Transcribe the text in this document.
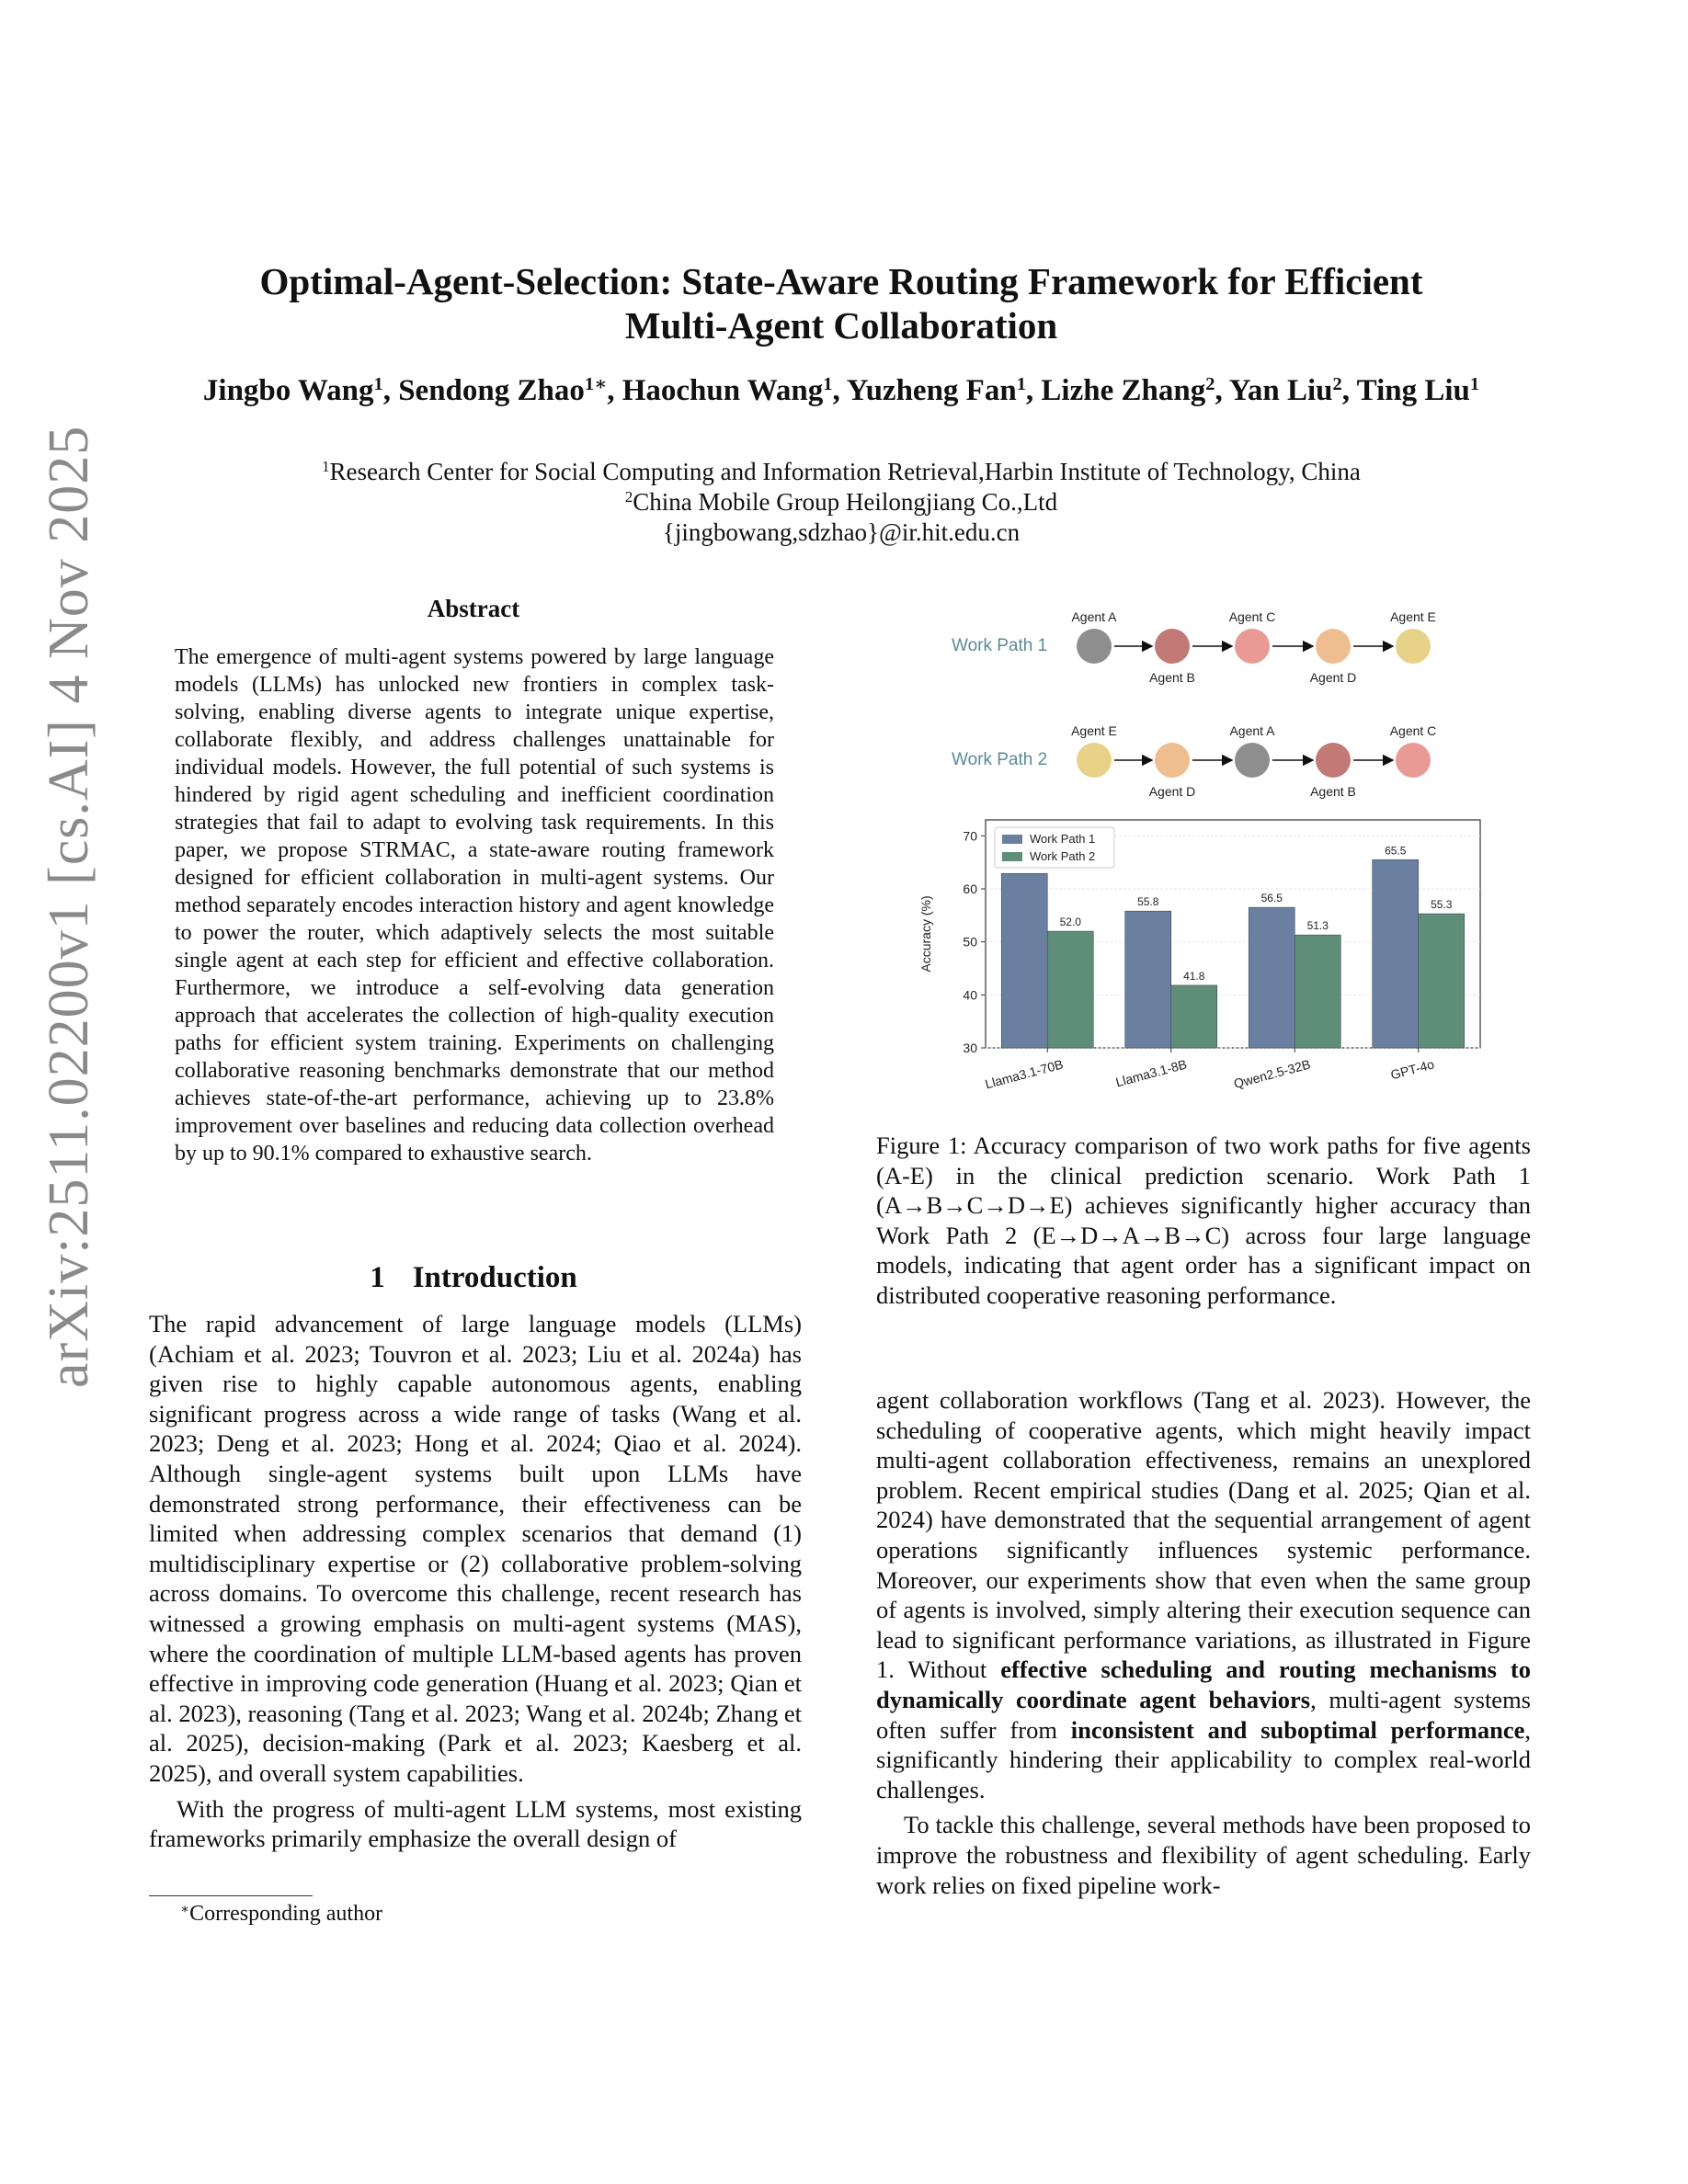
arXiv:2511.02200v1 [cs.AI] 4 Nov 2025
Optimal-Agent-Selection: State-Aware Routing Framework for Efficient
Multi-Agent Collaboration
Jingbo Wang$^1$, Sendong Zhao$^{1∗}$, Haochun Wang$^1$, Yuzheng Fan$^1$, Lizhe Zhang$^2$, Yan Liu$^2$, Ting Liu$^1$
$^1$Research Center for Social Computing and Information Retrieval,Harbin Institute of Technology, China
$^2$China Mobile Group Heilongjiang Co.,Ltd
{jingbowang,sdzhao}@ir.hit.edu.cn
Abstract
The emergence of multi-agent systems powered by large language models (LLMs) has unlocked new frontiers in complex task-solving, enabling diverse agents to integrate unique expertise, collaborate flexibly, and address challenges unattainable for individual models. However, the full potential of such systems is hindered by rigid agent scheduling and inefficient coordination strategies that fail to adapt to evolving task requirements. In this paper, we propose STRMAC, a state-aware routing framework designed for efficient collaboration in multi-agent systems. Our method separately encodes interaction history and agent knowledge to power the router, which adaptively selects the most suitable single agent at each step for efficient and effective collaboration. Furthermore, we introduce a self-evolving data generation approach that accelerates the collection of high-quality execution paths for efficient system training. Experiments on challenging collaborative reasoning benchmarks demonstrate that our method achieves state-of-the-art performance, achieving up to 23.8% improvement over baselines and reducing data collection overhead by up to 90.1% compared to exhaustive search.
1 Introduction

The rapid advancement of large language models (LLMs) (Achiam et al. 2023; Touvron et al. 2023; Liu et al. 2024a) has given rise to highly capable autonomous agents, enabling significant progress across a wide range of tasks (Wang et al. 2023; Deng et al. 2023; Hong et al. 2024; Qiao et al. 2024). Although single-agent systems built upon LLMs have demonstrated strong performance, their effectiveness can be limited when addressing complex scenarios that demand (1) multidisciplinary expertise or (2) collaborative problem-solving across domains. To overcome this challenge, recent research has witnessed a growing emphasis on multi-agent systems (MAS), where the coordination of multiple LLM-based agents has proven effective in improving code generation (Huang et al. 2023; Qian et al. 2023), reasoning (Tang et al. 2023; Wang et al. 2024b; Zhang et al. 2025), decision-making (Park et al. 2023; Kaesberg et al. 2025), and overall system capabilities.

With the progress of multi-agent LLM systems, most existing frameworks primarily emphasize the overall design of

∗Corresponding author
Work Path 1
Agent A
Agent B
Agent C
Agent D
Agent E
Work Path 2
Agent E
Agent D
Agent A
Agent B
Agent C
30
40
50
60
70
Accuracy (%)	52.0
Llama3.1-70B
55.8
41.8
Llama3.1-8B
56.5
51.3
Qwen2.5-32B
65.5
55.3
GPT-4o
Work Path 1
Work Path 2
Figure 1: Accuracy comparison of two work paths for five agents (A-E) in the clinical prediction scenario. Work Path 1 (A→B→C→D→E) achieves significantly higher accuracy than Work Path 2 (E→D→A→B→C) across four large language models, indicating that agent order has a significant impact on distributed cooperative reasoning performance.

agent collaboration workflows (Tang et al. 2023). However, the scheduling of cooperative agents, which might heavily impact multi-agent collaboration effectiveness, remains an unexplored problem. Recent empirical studies (Dang et al. 2025; Qian et al. 2024) have demonstrated that the sequential arrangement of agent operations significantly influences systemic performance. Moreover, our experiments show that even when the same group of agents is involved, simply altering their execution sequence can lead to significant performance variations, as illustrated in Figure 1. Without effective scheduling and routing mechanisms to dynamically coordinate agent behaviors, multi-agent systems often suffer from inconsistent and suboptimal performance, significantly hindering their applicability to complex real-world challenges.

To tackle this challenge, several methods have been proposed to improve the robustness and flexibility of agent scheduling. Early work relies on fixed pipeline work-
